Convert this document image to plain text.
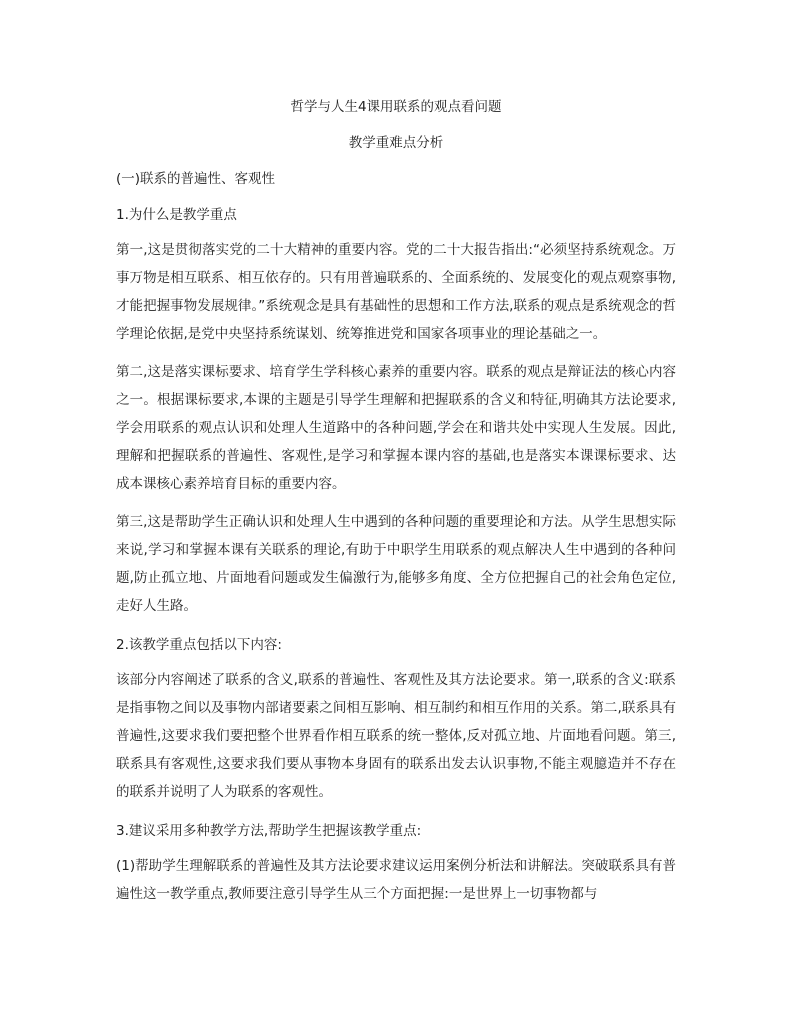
哲学与人生4课用联系的观点看问题

教学重难点分析

(一)联系的普遍性、客观性

1.为什么是教学重点

第一,这是贯彻落实党的二十大精神的重要内容。党的二十大报告指出:“必须坚持系统观念。万事万物是相互联系、相互依存的。只有用普遍联系的、全面系统的、发展变化的观点观察事物,才能把握事物发展规律。”系统观念是具有基础性的思想和工作方法,联系的观点是系统观念的哲学理论依据,是党中央坚持系统谋划、统筹推进党和国家各项事业的理论基础之一。

第二,这是落实课标要求、培育学生学科核心素养的重要内容。联系的观点是辩证法的核心内容之一。根据课标要求,本课的主题是引导学生理解和把握联系的含义和特征,明确其方法论要求,学会用联系的观点认识和处理人生道路中的各种问题,学会在和谐共处中实现人生发展。因此,理解和把握联系的普遍性、客观性,是学习和掌握本课内容的基础,也是落实本课课标要求、达成本课核心素养培育目标的重要内容。

第三,这是帮助学生正确认识和处理人生中遇到的各种问题的重要理论和方法。从学生思想实际来说,学习和掌握本课有关联系的理论,有助于中职学生用联系的观点解决人生中遇到的各种问题,防止孤立地、片面地看问题或发生偏激行为,能够多角度、全方位把握自己的社会角色定位,走好人生路。

2.该教学重点包括以下内容:

该部分内容阐述了联系的含义,联系的普遍性、客观性及其方法论要求。第一,联系的含义:联系是指事物之间以及事物内部诸要素之间相互影响、相互制约和相互作用的关系。第二,联系具有普遍性,这要求我们要把整个世界看作相互联系的统一整体,反对孤立地、片面地看问题。第三,联系具有客观性,这要求我们要从事物本身固有的联系出发去认识事物,不能主观臆造并不存在的联系并说明了人为联系的客观性。

3.建议采用多种教学方法,帮助学生把握该教学重点:

(1)帮助学生理解联系的普遍性及其方法论要求建议运用案例分析法和讲解法。突破联系具有普遍性这一教学重点,教师要注意引导学生从三个方面把握:一是世界上一切事物都与
